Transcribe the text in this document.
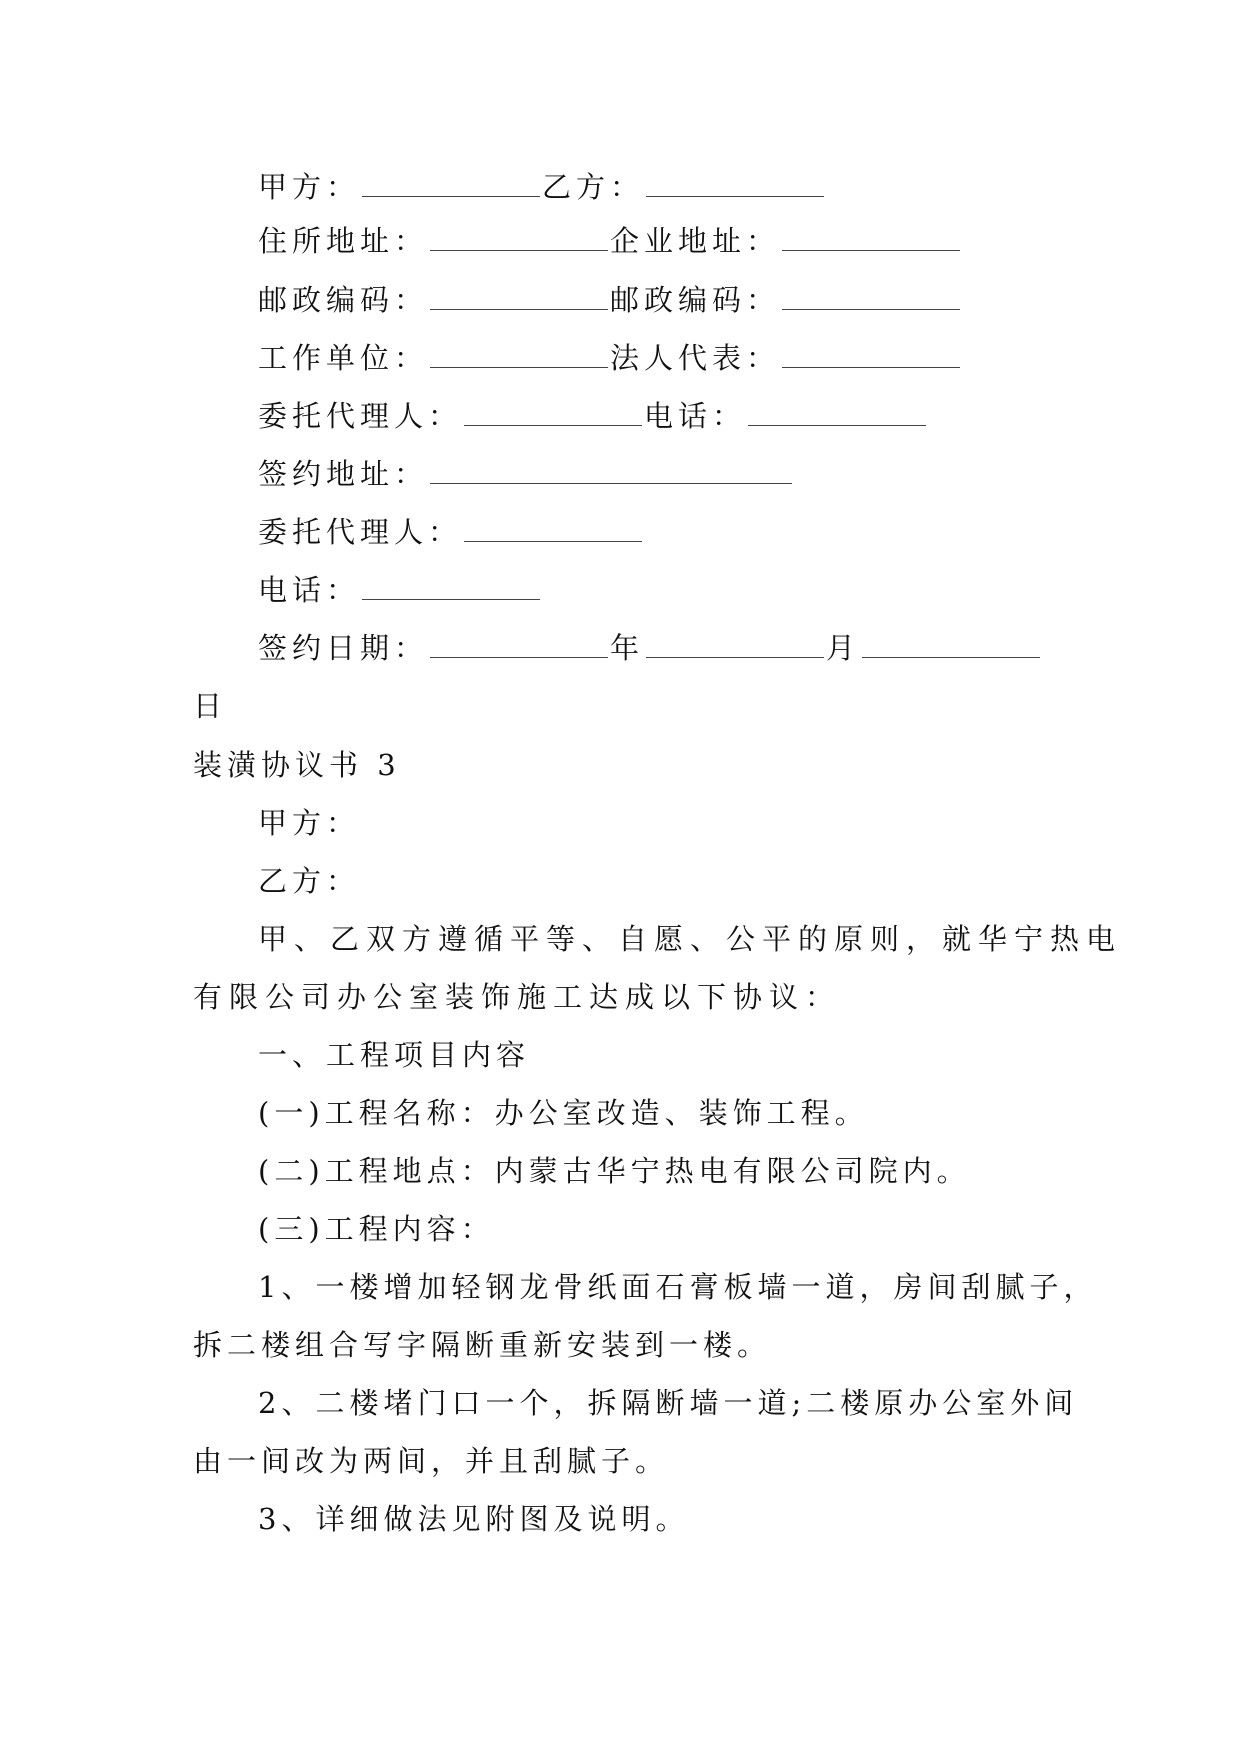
甲方：	乙方：
住所地址：	企业地址：
邮政编码：	邮政编码：
工作单位：	法人代表：
委托代理人：	电话：
签约地址：
委托代理人：
电话：
签约日期：	年	月
日
装潢协议书 3
甲方：
乙方：
甲、乙双方遵循平等、自愿、公平的原则，就华宁热电
有限公司办公室装饰施工达成以下协议：
一、工程项目内容
(一)工程名称：办公室改造、装饰工程。
(二)工程地点：内蒙古华宁热电有限公司院内。
(三)工程内容：
1、一楼增加轻钢龙骨纸面石膏板墙一道，房间刮腻子，
拆二楼组合写字隔断重新安装到一楼。
2、二楼堵门口一个，拆隔断墙一道;二楼原办公室外间
由一间改为两间，并且刮腻子。
3、详细做法见附图及说明。
